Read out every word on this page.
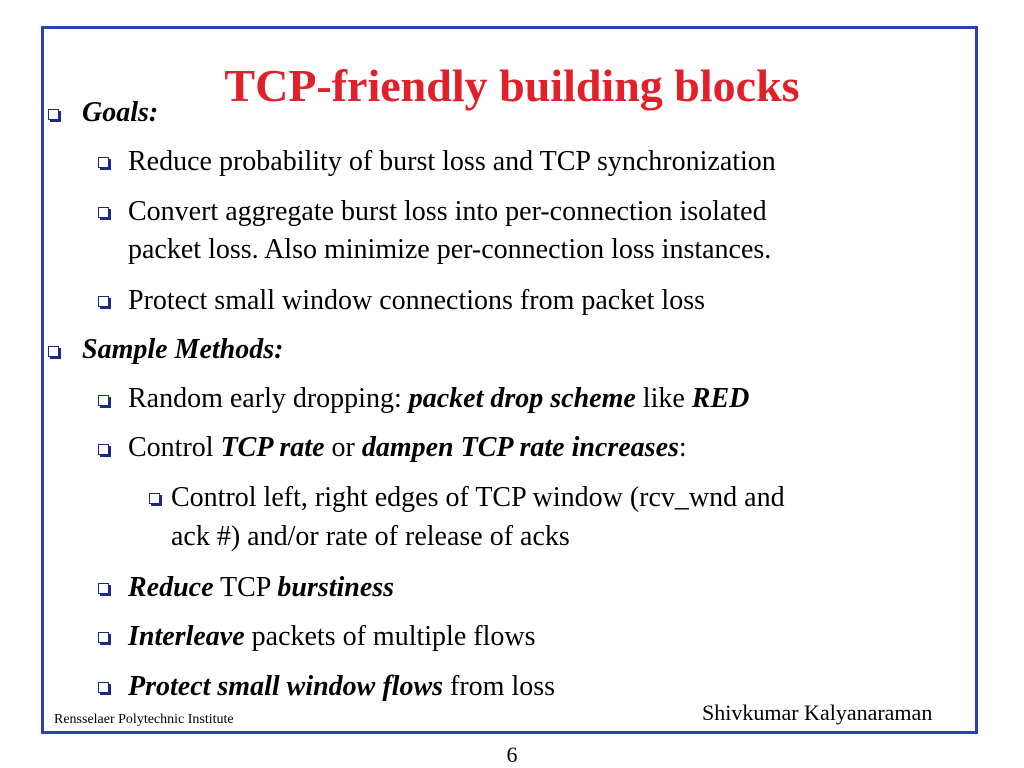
TCP-friendly building blocks
Goals:
Reduce probability of burst loss and TCP synchronization
Convert aggregate burst loss into per-connection isolated
packet loss. Also minimize per-connection loss instances.
Protect small window connections from packet loss
Sample Methods:
Random early dropping: packet drop scheme like RED
Control TCP rate or dampen TCP rate increases:
Control left, right edges of TCP window (rcv_wnd and
ack #) and/or rate of release of acks
Reduce TCP burstiness
Interleave packets of multiple flows
Protect small window flows from loss
Rensselaer Polytechnic Institute	Shivkumar Kalyanaraman
6
